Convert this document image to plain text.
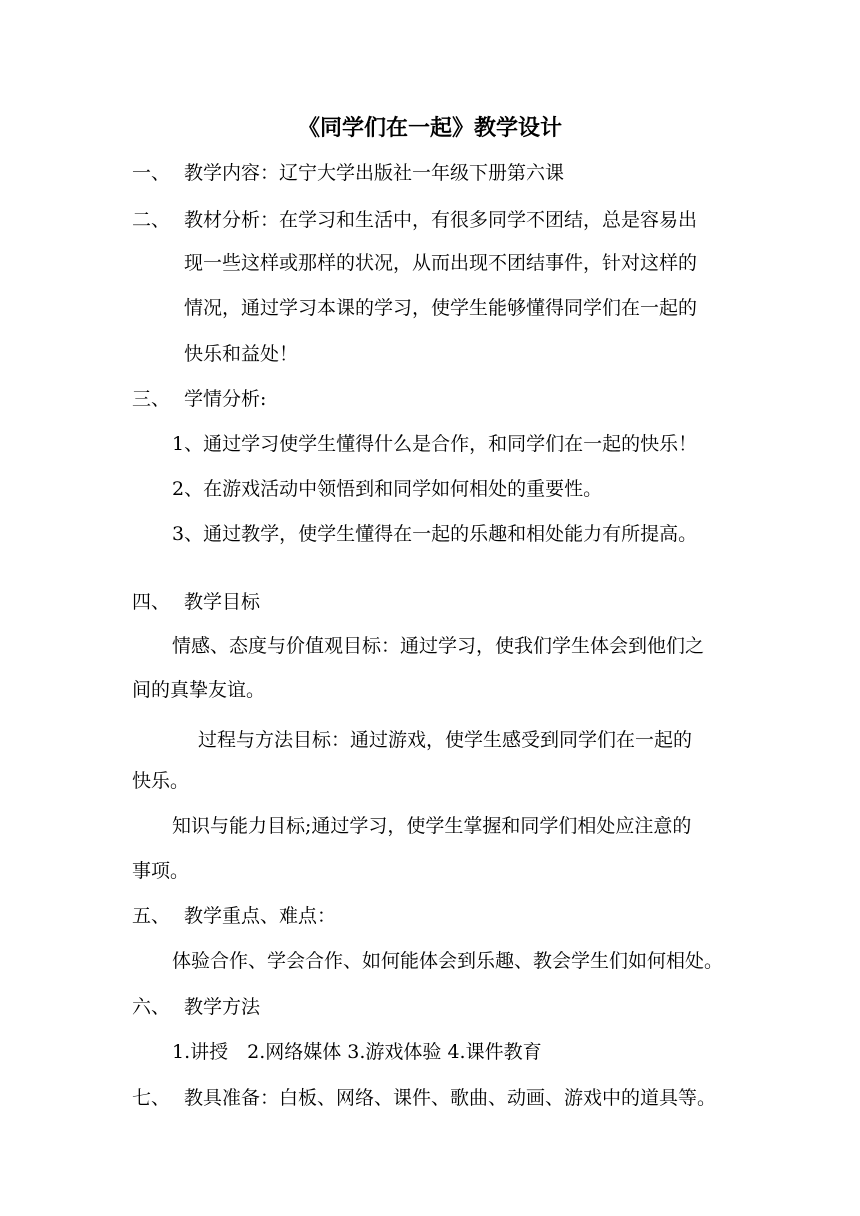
《同学们在一起》教学设计
一、 教学内容：辽宁大学出版社一年级下册第六课
二、 教材分析：在学习和生活中，有很多同学不团结，总是容易出
现一些这样或那样的状况，从而出现不团结事件，针对这样的
情况，通过学习本课的学习，使学生能够懂得同学们在一起的
快乐和益处！
三、 学情分析:
1、通过学习使学生懂得什么是合作，和同学们在一起的快乐！
2、在游戏活动中领悟到和同学如何相处的重要性。
3、通过教学，使学生懂得在一起的乐趣和相处能力有所提高。
四、 教学目标
情感、态度与价值观目标：通过学习，使我们学生体会到他们之
间的真挚友谊。
过程与方法目标：通过游戏，使学生感受到同学们在一起的
快乐。
知识与能力目标;通过学习，使学生掌握和同学们相处应注意的
事项。
五、 教学重点、难点：
体验合作、学会合作、如何能体会到乐趣、教会学生们如何相处。
六、 教学方法
1.讲授　2.网络媒体 3.游戏体验 4.课件教育
七、 教具准备：白板、网络、课件、歌曲、动画、游戏中的道具等。
